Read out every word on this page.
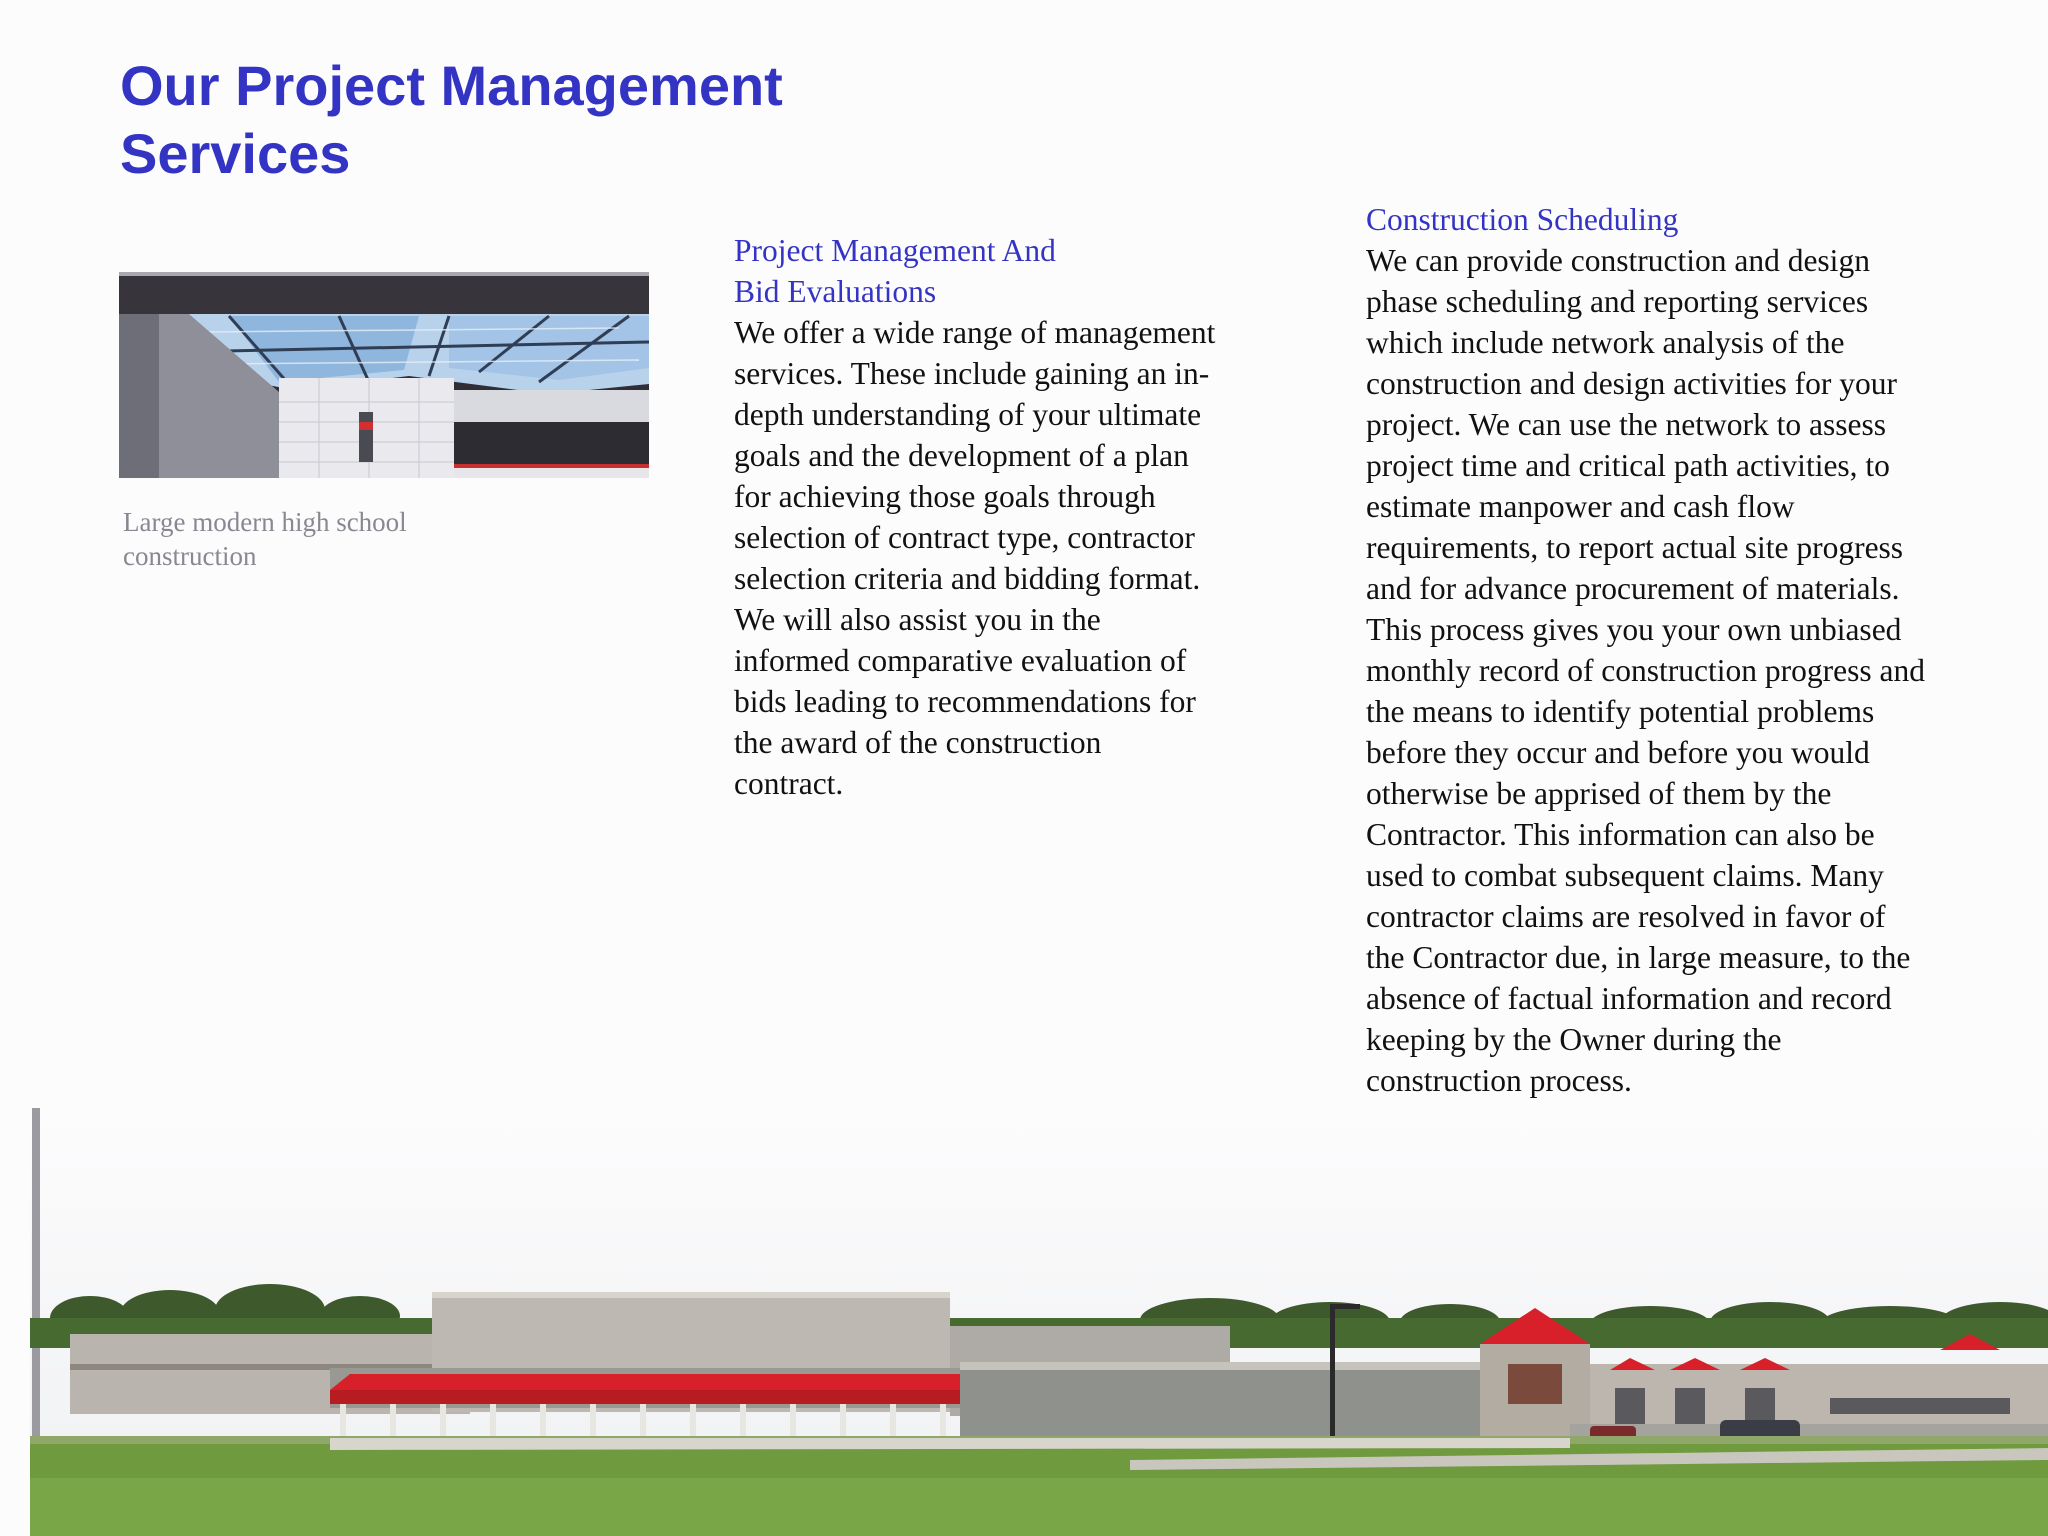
Our Project Management
Services
Large modern high school
construction
Project Management And
Bid Evaluations

We offer a wide range of management
services. These include gaining an in-
depth understanding of your ultimate
goals and the development of a plan
for achieving those goals through
selection of contract type, contractor
selection criteria and bidding format.
We will also assist you in the
informed comparative evaluation of
bids leading to recommendations for
the award of the construction
contract.

Construction Scheduling

We can provide construction and design
phase scheduling and reporting services
which include network analysis of the
construction and design activities for your
project. We can use the network to assess
project time and critical path activities, to
estimate manpower and cash flow
requirements, to report actual site progress
and for advance procurement of materials.
This process gives you your own unbiased
monthly record of construction progress and
the means to identify potential problems
before they occur and before you would
otherwise be apprised of them by the
Contractor. This information can also be
used to combat subsequent claims. Many
contractor claims are resolved in favor of
the Contractor due, in large measure, to the
absence of factual information and record
keeping by the Owner during the
construction process.
